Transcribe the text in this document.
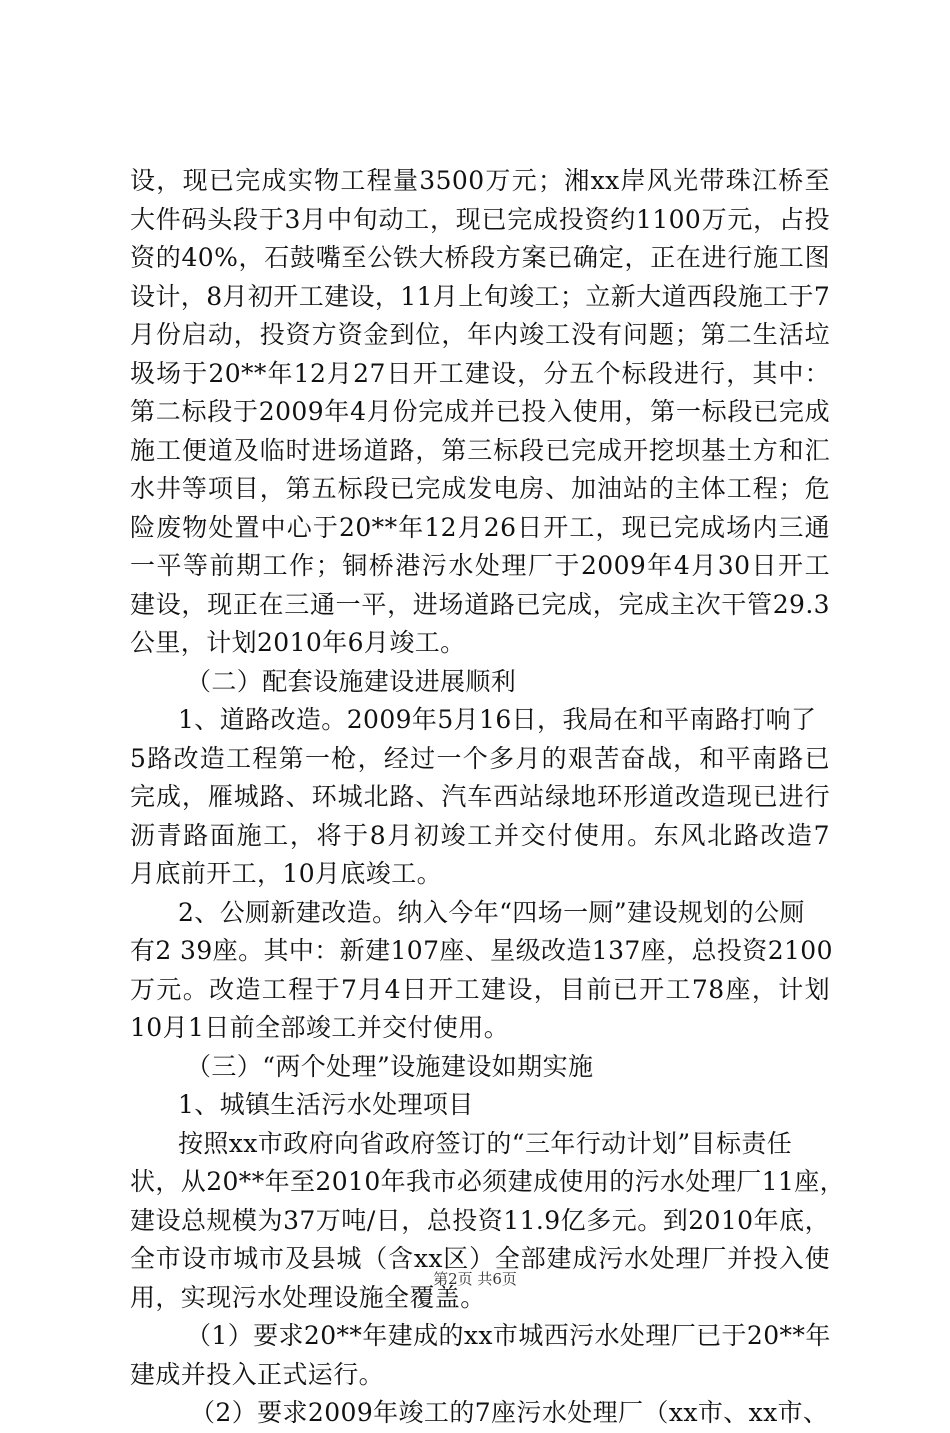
设，现已完成实物工程量3500万元；湘xx岸风光带珠江桥至
大件码头段于3月中旬动工，现已完成投资约1100万元，占投
资的40%，石鼓嘴至公铁大桥段方案已确定，正在进行施工图
设计，8月初开工建设，11月上旬竣工；立新大道西段施工于7
月份启动，投资方资金到位，年内竣工没有问题；第二生活垃
圾场于20**年12月27日开工建设，分五个标段进行，其中：
第二标段于2009年4月份完成并已投入使用，第一标段已完成
施工便道及临时进场道路，第三标段已完成开挖坝基土方和汇
水井等项目，第五标段已完成发电房、加油站的主体工程；危
险废物处置中心于20**年12月26日开工，现已完成场内三通
一平等前期工作；铜桥港污水处理厂于2009年4月30日开工
建设，现正在三通一平，进场道路已完成，完成主次干管29.3
公里，计划2010年6月竣工。
（二）配套设施建设进展顺利
1、道路改造。2009年5月16日，我局在和平南路打响了
5路改造工程第一枪，经过一个多月的艰苦奋战，和平南路已
完成，雁城路、环城北路、汽车西站绿地环形道改造现已进行
沥青路面施工，将于8月初竣工并交付使用。东风北路改造7
月底前开工，10月底竣工。
2、公厕新建改造。纳入今年“四场一厕”建设规划的公厕
有2 39座。其中：新建107座、星级改造137座，总投资2100
万元。改造工程于7月4日开工建设，目前已开工78座，计划
10月1日前全部竣工并交付使用。
（三）“两个处理”设施建设如期实施
1、城镇生活污水处理项目
按照xx市政府向省政府签订的“三年行动计划”目标责任
状，从20**年至2010年我市必须建成使用的污水处理厂11座，
建设总规模为37万吨/日，总投资11.9亿多元。到2010年底，
全市设市城市及县城（含xx区）全部建成污水处理厂并投入使
用，实现污水处理设施全覆盖。
（1）要求20**年建成的xx市城西污水处理厂已于20**年
建成并投入正式运行。
（2）要求2009年竣工的7座污水处理厂（xx市、xx市、
第2页 共6页
